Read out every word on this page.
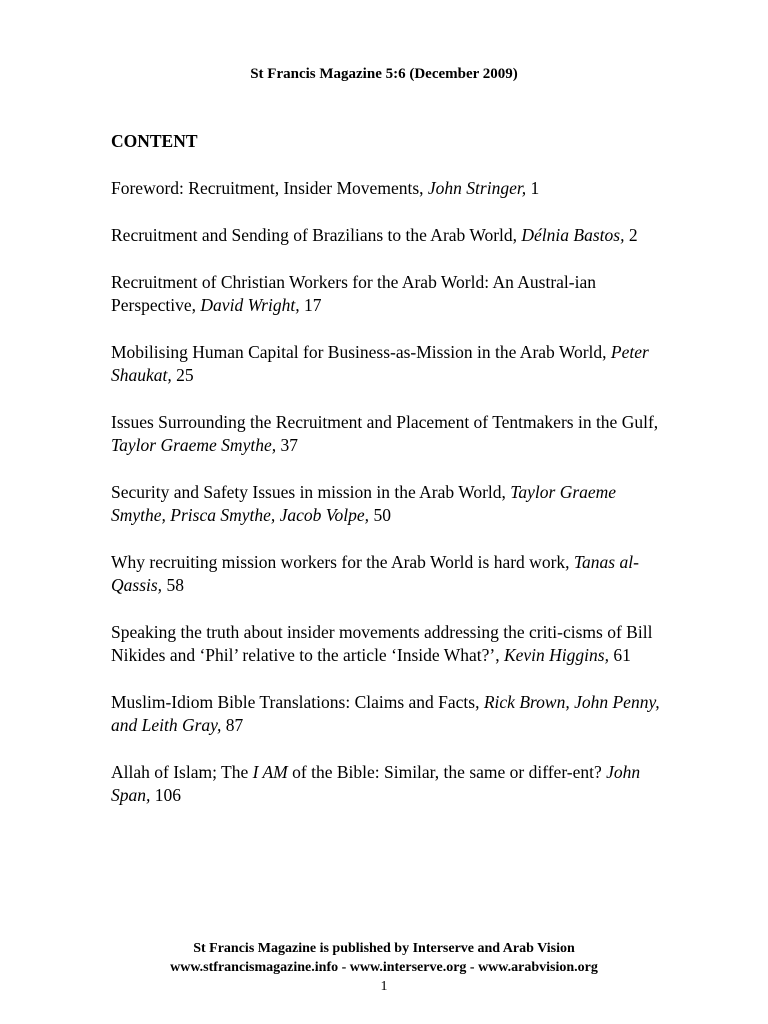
St Francis Magazine 5:6 (December 2009)
CONTENT

Foreword: Recruitment, Insider Movements, John Stringer, 1

Recruitment and Sending of Brazilians to the Arab World, Délnia Bastos, 2

Recruitment of Christian Workers for the Arab World: An Austral-ian Perspective, David Wright, 17

Mobilising Human Capital for Business-as-Mission in the Arab World, Peter Shaukat, 25

Issues Surrounding the Recruitment and Placement of Tentmakers in the Gulf, Taylor Graeme Smythe, 37

Security and Safety Issues in mission in the Arab World, Taylor Graeme Smythe, Prisca Smythe, Jacob Volpe, 50

Why recruiting mission workers for the Arab World is hard work, Tanas al-Qassis, 58

Speaking the truth about insider movements addressing the criti-cisms of Bill Nikides and ‘Phil’ relative to the article ‘Inside What?’, Kevin Higgins, 61

Muslim-Idiom Bible Translations: Claims and Facts, Rick Brown, John Penny, and Leith Gray, 87

Allah of Islam; The I AM of the Bible: Similar, the same or differ-ent? John Span, 106

St Francis Magazine is published by Interserve and Arab Vision
www.stfrancismagazine.info - www.interserve.org - www.arabvision.org
1
